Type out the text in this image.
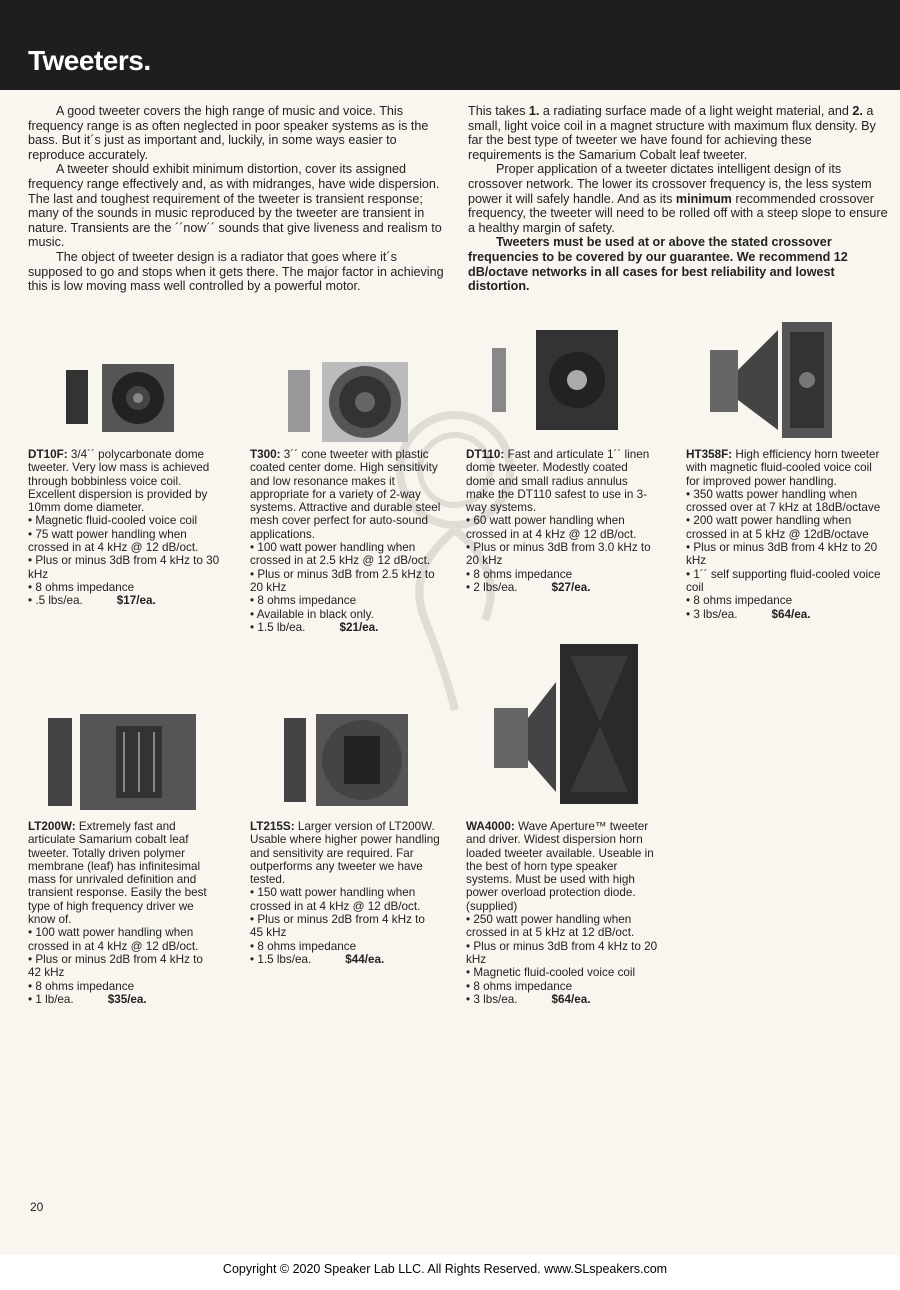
Tweeters.

A good tweeter covers the high range of music and voice. This frequency range is as often neglected in poor speaker systems as is the bass. But it´s just as important and, luckily, in some ways easier to reproduce accurately.

A tweeter should exhibit minimum distortion, cover its assigned frequency range effectively and, as with midranges, have wide dispersion. The last and toughest requirement of the tweeter is transient response; many of the sounds in music reproduced by the tweeter are transient in nature. Transients are the ´´now´´ sounds that give liveness and realism to music.

The object of tweeter design is a radiator that goes where it´s supposed to go and stops when it gets there. The major factor in achieving this is low moving mass well controlled by a powerful motor.

This takes 1. a radiating surface made of a light weight material, and 2. a small, light voice coil in a magnet structure with maximum flux density. By far the best type of tweeter we have found for achieving these requirements is the Samarium Cobalt leaf tweeter.

Proper application of a tweeter dictates intelligent design of its crossover network. The lower its crossover frequency is, the less system power it will safely handle. And as its minimum recommended crossover frequency, the tweeter will need to be rolled off with a steep slope to ensure a healthy margin of safety.

Tweeters must be used at or above the stated crossover frequencies to be covered by our guarantee. We recommend 12 dB/octave networks in all cases for best reliability and lowest distortion.

DT10F: 3/4´´ polycarbonate dome tweeter. Very low mass is achieved through bobbinless voice coil. Excellent dispersion is provided by 10mm dome diameter.
• Magnetic fluid-cooled voice coil
• 75 watt power handling when crossed in at 4 kHz @ 12 dB/oct.
• Plus or minus 3dB from 4 kHz to 30 kHz
• 8 ohms impedance
• .5 lbs/ea.	$17/ea.
T300: 3´´ cone tweeter with plastic coated center dome. High sensitivity and low resonance makes it appropriate for a variety of 2-way systems. Attractive and durable steel mesh cover perfect for auto-sound applications.
• 100 watt power handling when crossed in at 2.5 kHz @ 12 dB/oct.
• Plus or minus 3dB from 2.5 kHz to 20 kHz
• 8 ohms impedance
• Available in black only.
• 1.5 lb/ea.	$21/ea.
DT110: Fast and articulate 1´´ linen dome tweeter. Modestly coated dome and small radius annulus make the DT110 safest to use in 3-way systems.
• 60 watt power handling when crossed in at 4 kHz @ 12 dB/oct.
• Plus or minus 3dB from 3.0 kHz to 20 kHz
• 8 ohms impedance
• 2 lbs/ea.	$27/ea.
HT358F: High efficiency horn tweeter with magnetic fluid-cooled voice coil for improved power handling.
• 350 watts power handling when crossed over at 7 kHz at 18dB/octave
• 200 watt power handling when crossed in at 5 kHz @ 12dB/octave
• Plus or minus 3dB from 4 kHz to 20 kHz
• 1´´ self supporting fluid-cooled voice coil
• 8 ohms impedance
• 3 lbs/ea.	$64/ea.
LT200W: Extremely fast and articulate Samarium cobalt leaf tweeter. Totally driven polymer membrane (leaf) has infinitesimal mass for unrivaled definition and transient response. Easily the best type of high frequency driver we know of.
• 100 watt power handling when crossed in at 4 kHz @ 12 dB/oct.
• Plus or minus 2dB from 4 kHz to 42 kHz
• 8 ohms impedance
• 1 lb/ea.	$35/ea.
LT215S: Larger version of LT200W. Usable where higher power handling and sensitivity are required. Far outperforms any tweeter we have tested.
• 150 watt power handling when crossed in at 4 kHz @ 12 dB/oct.
• Plus or minus 2dB from 4 kHz to 45 kHz
• 8 ohms impedance
• 1.5 lbs/ea.	$44/ea.
WA4000: Wave Aperture™ tweeter and driver. Widest dispersion horn loaded tweeter available. Useable in the best of horn type speaker systems. Must be used with high power overload protection diode. (supplied)
• 250 watt power handling when crossed in at 5 kHz at 12 dB/oct.
• Plus or minus 3dB from 4 kHz to 20 kHz
• Magnetic fluid-cooled voice coil
• 8 ohms impedance
• 3 lbs/ea.	$64/ea.
20
Copyright © 2020 Speaker Lab LLC. All Rights Reserved. www.SLspeakers.com
